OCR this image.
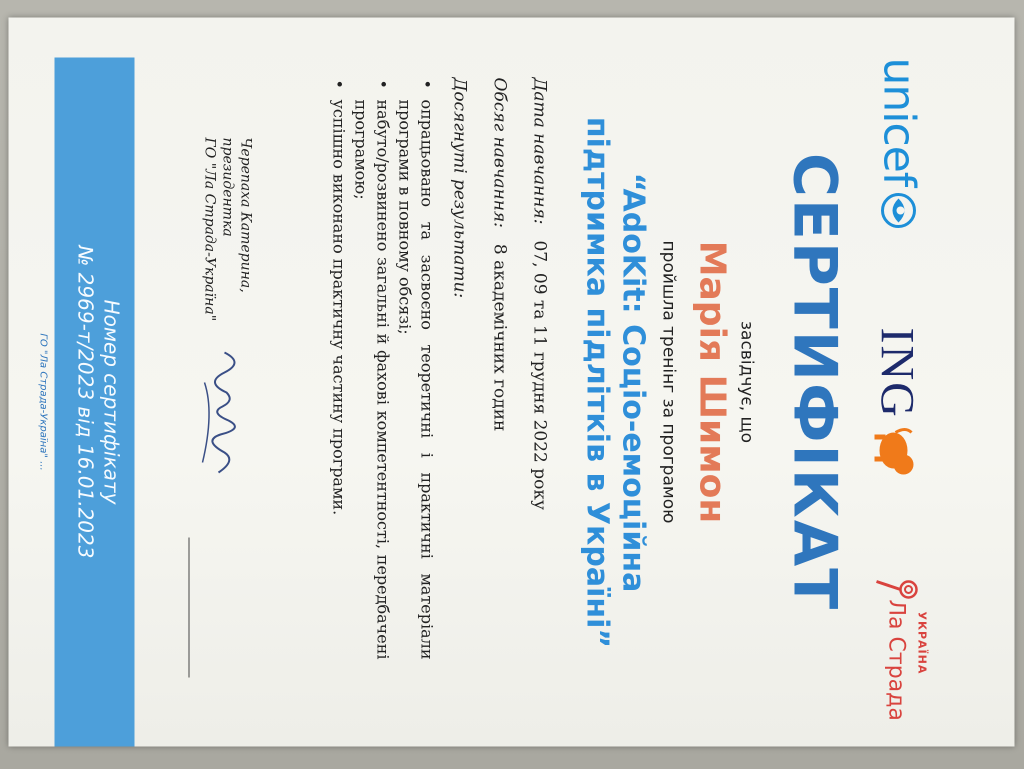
unicef
ING
УКРАЇНА
Ла Страда
СЕРТИФІКАТ
засвідчує, що
Марія Шимон
пройшла тренінг за програмою
“AdoKit: Соціо-емоційна підтримка підлітків в Україні”
Дата навчання:07, 09 та 11 грудня 2022 року
Обсяг навчання:8 академічних годин
Досягнуті результати:
• опрацьовано та засвоєно теоретичні і практичні матеріали програми в повному обсязі;
• набуто/розвинено загальні й фахові компетентності, передбачені програмою;
• успішно виконано практичну частину програми.
Черепаха Катерина,
президентка
ГО "Ла Страда-Україна"
Номер сертифікату
№ 2969-т/2023 від 16.01.2023
ГО "Ла Страда-Україна" ...
